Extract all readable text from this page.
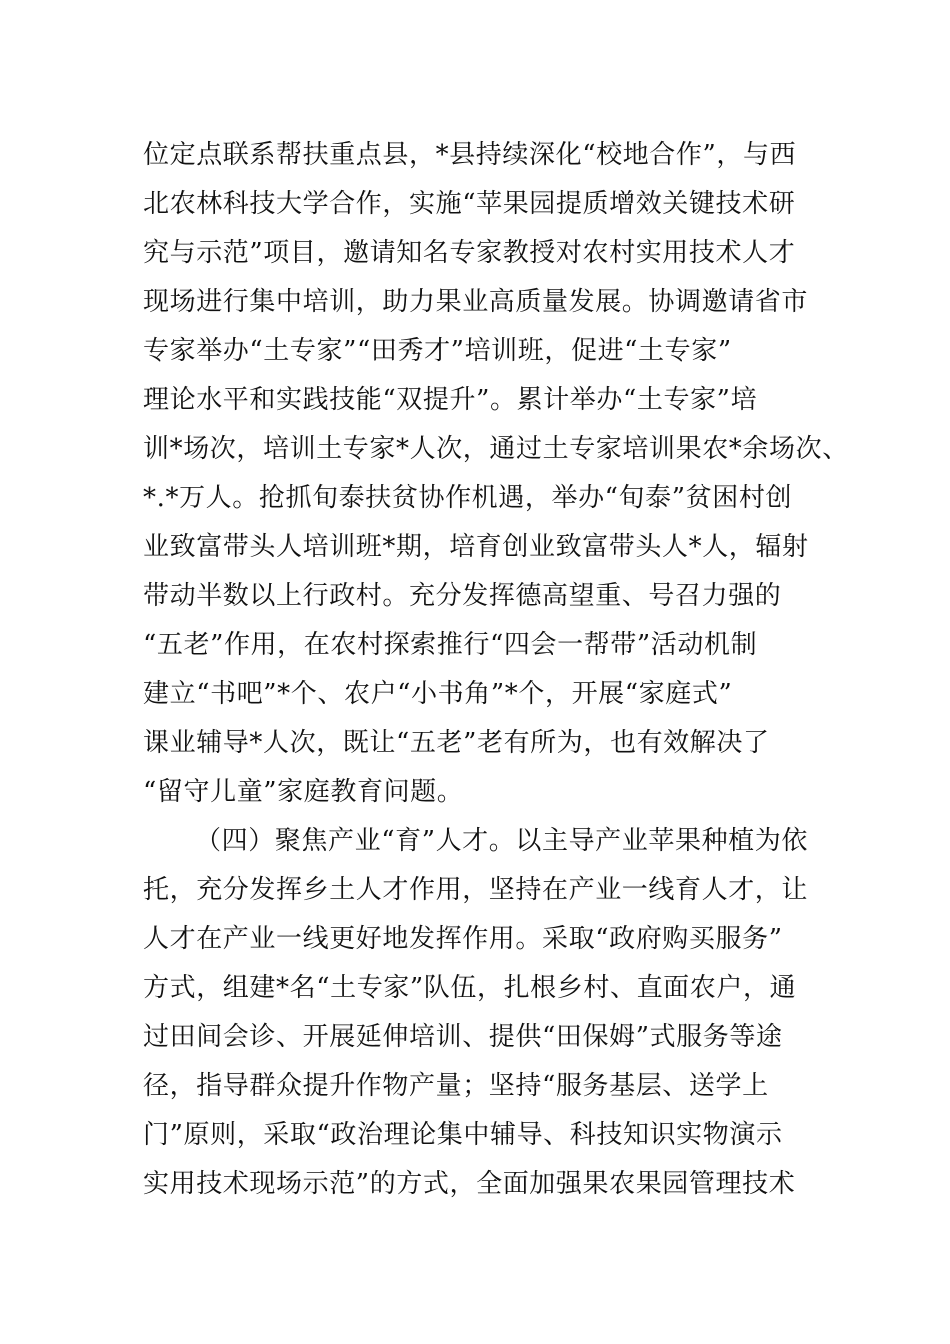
位定点联系帮扶重点县，*县持续深化“校地合作”，与西
北农林科技大学合作，实施“苹果园提质增效关键技术研
究与示范”项目，邀请知名专家教授对农村实用技术人才
现场进行集中培训，助力果业高质量发展。协调邀请省市
专家举办“土专家”“田秀才”培训班，促进“土专家”
理论水平和实践技能“双提升”。累计举办“土专家”培
训*场次，培训土专家*人次，通过土专家培训果农*余场次、
*.*万人。抢抓旬泰扶贫协作机遇，举办“旬泰”贫困村创
业致富带头人培训班*期，培育创业致富带头人*人，辐射
带动半数以上行政村。充分发挥德高望重、号召力强的
“五老”作用，在农村探索推行“四会一帮带”活动机制
建立“书吧”*个、农户“小书角”*个，开展“家庭式”
课业辅导*人次，既让“五老”老有所为，也有效解决了
“留守儿童”家庭教育问题。
（四）聚焦产业“育”人才。以主导产业苹果种植为依
托，充分发挥乡土人才作用，坚持在产业一线育人才，让
人才在产业一线更好地发挥作用。采取“政府购买服务”
方式，组建*名“土专家”队伍，扎根乡村、直面农户，通
过田间会诊、开展延伸培训、提供“田保姆”式服务等途
径，指导群众提升作物产量；坚持“服务基层、送学上
门”原则，采取“政治理论集中辅导、科技知识实物演示
实用技术现场示范”的方式，全面加强果农果园管理技术
